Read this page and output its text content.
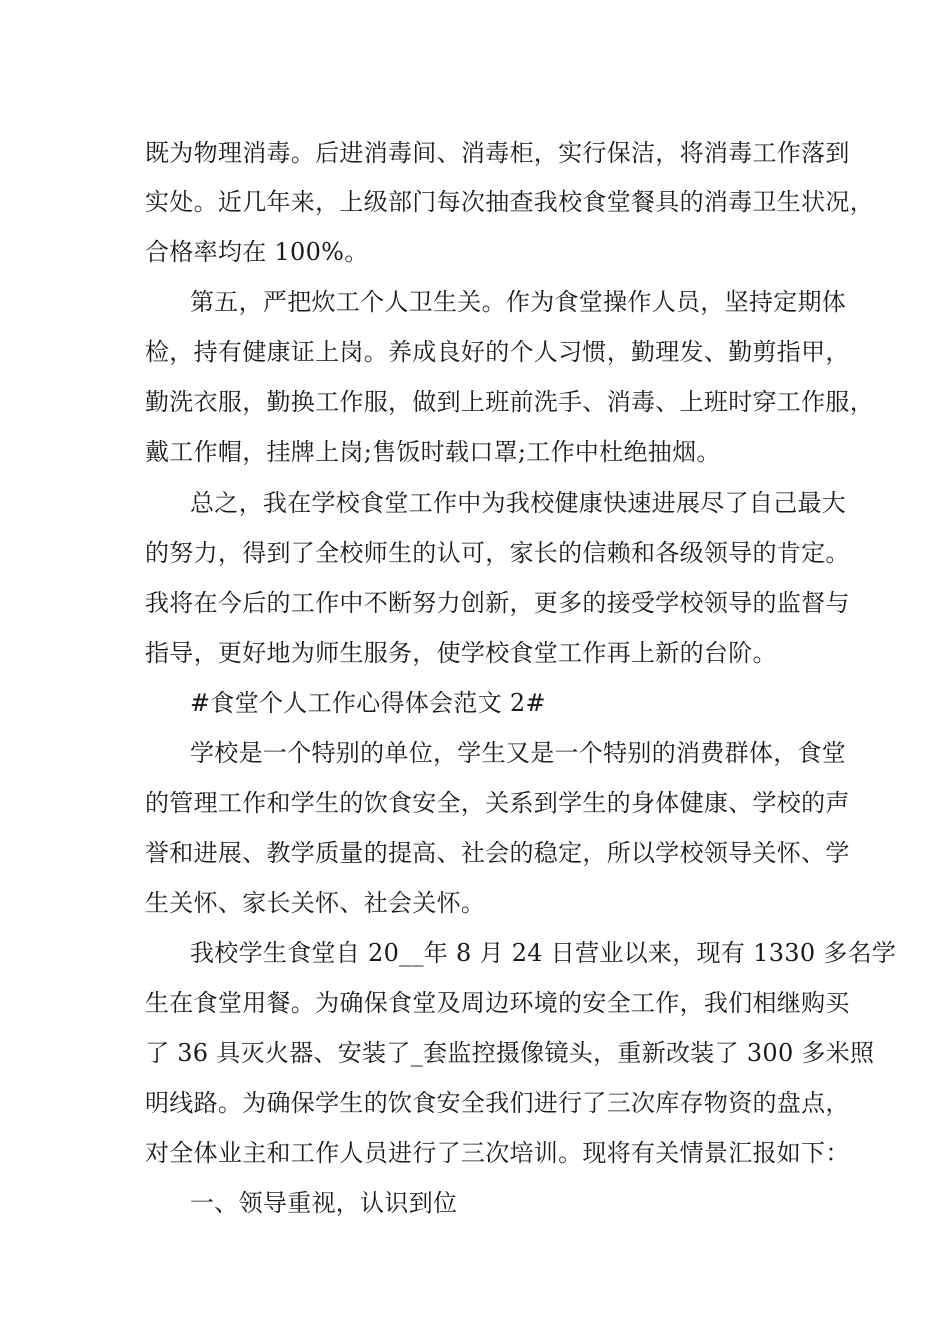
既为物理消毒。后进消毒间、消毒柜，实行保洁，将消毒工作落到
实处。近几年来，上级部门每次抽查我校食堂餐具的消毒卫生状况，
合格率均在 100%。
第五，严把炊工个人卫生关。作为食堂操作人员，坚持定期体
检，持有健康证上岗。养成良好的个人习惯，勤理发、勤剪指甲，
勤洗衣服，勤换工作服，做到上班前洗手、消毒、上班时穿工作服，
戴工作帽，挂牌上岗;售饭时载口罩;工作中杜绝抽烟。
总之，我在学校食堂工作中为我校健康快速进展尽了自己最大
的努力，得到了全校师生的认可，家长的信赖和各级领导的肯定。
我将在今后的工作中不断努力创新，更多的接受学校领导的监督与
指导，更好地为师生服务，使学校食堂工作再上新的台阶。
#食堂个人工作心得体会范文 2#
学校是一个特别的单位，学生又是一个特别的消费群体，食堂
的管理工作和学生的饮食安全，关系到学生的身体健康、学校的声
誉和进展、教学质量的提高、社会的稳定，所以学校领导关怀、学
生关怀、家长关怀、社会关怀。
我校学生食堂自 20__年 8 月 24 日营业以来，现有 1330 多名学
生在食堂用餐。为确保食堂及周边环境的安全工作，我们相继购买
了 36 具灭火器、安装了_套监控摄像镜头，重新改装了 300 多米照
明线路。为确保学生的饮食安全我们进行了三次库存物资的盘点，
对全体业主和工作人员进行了三次培训。现将有关情景汇报如下：
一、领导重视，认识到位
